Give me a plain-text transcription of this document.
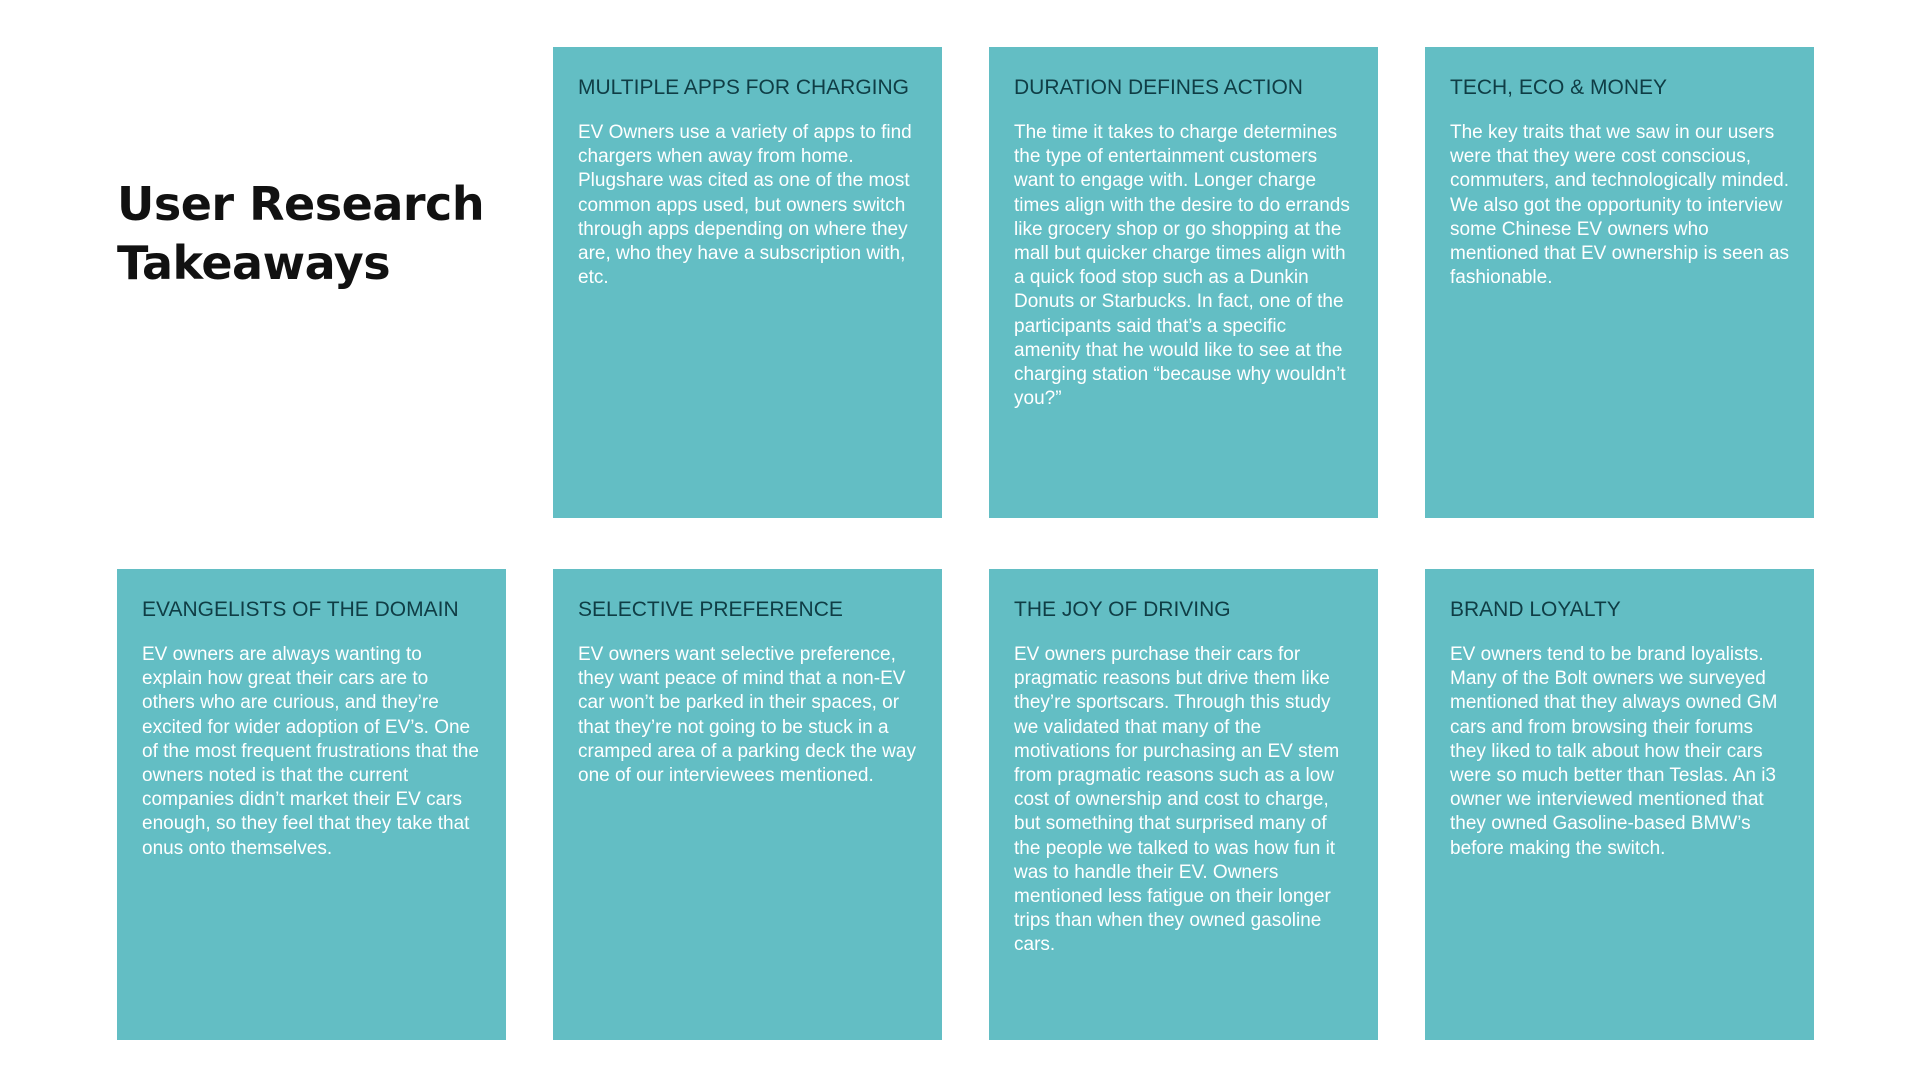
User Research
Takeaways
MULTIPLE APPS FOR CHARGING

EV Owners use a variety of apps to find chargers when away from home. Plugshare was cited as one of the most common apps used, but owners switch through apps depending on where they are, who they have a subscription with, etc.

DURATION DEFINES ACTION

The time it takes to charge determines the type of entertainment customers want to engage with. Longer charge times align with the desire to do errands like grocery shop or go shopping at the mall but quicker charge times align with a quick food stop such as a Dunkin Donuts or Starbucks. In fact, one of the participants said that’s a specific amenity that he would like to see at the charging station “because why wouldn’t you?”

TECH, ECO & MONEY

The key traits that we saw in our users were that they were cost conscious, commuters, and technologically minded. We also got the opportunity to interview some Chinese EV owners who mentioned that EV ownership is seen as fashionable.

EVANGELISTS OF THE DOMAIN

EV owners are always wanting to explain how great their cars are to others who are curious, and they’re excited for wider adoption of EV’s. One of the most frequent frustrations that the owners noted is that the current companies didn’t market their EV cars enough, so they feel that they take that onus onto themselves.

SELECTIVE PREFERENCE

EV owners want selective preference, they want peace of mind that a non-EV car won’t be parked in their spaces, or that they’re not going to be stuck in a cramped area of a parking deck the way one of our interviewees mentioned.

THE JOY OF DRIVING

EV owners purchase their cars for pragmatic reasons but drive them like they’re sportscars. Through this study we validated that many of the motivations for purchasing an EV stem from pragmatic reasons such as a low cost of ownership and cost to charge, but something that surprised many of the people we talked to was how fun it was to handle their EV. Owners mentioned less fatigue on their longer trips than when they owned gasoline cars.

BRAND LOYALTY

EV owners tend to be brand loyalists. Many of the Bolt owners we surveyed mentioned that they always owned GM cars and from browsing their forums they liked to talk about how their cars were so much better than Teslas. An i3 owner we interviewed mentioned that they owned Gasoline-based BMW’s before making the switch.
